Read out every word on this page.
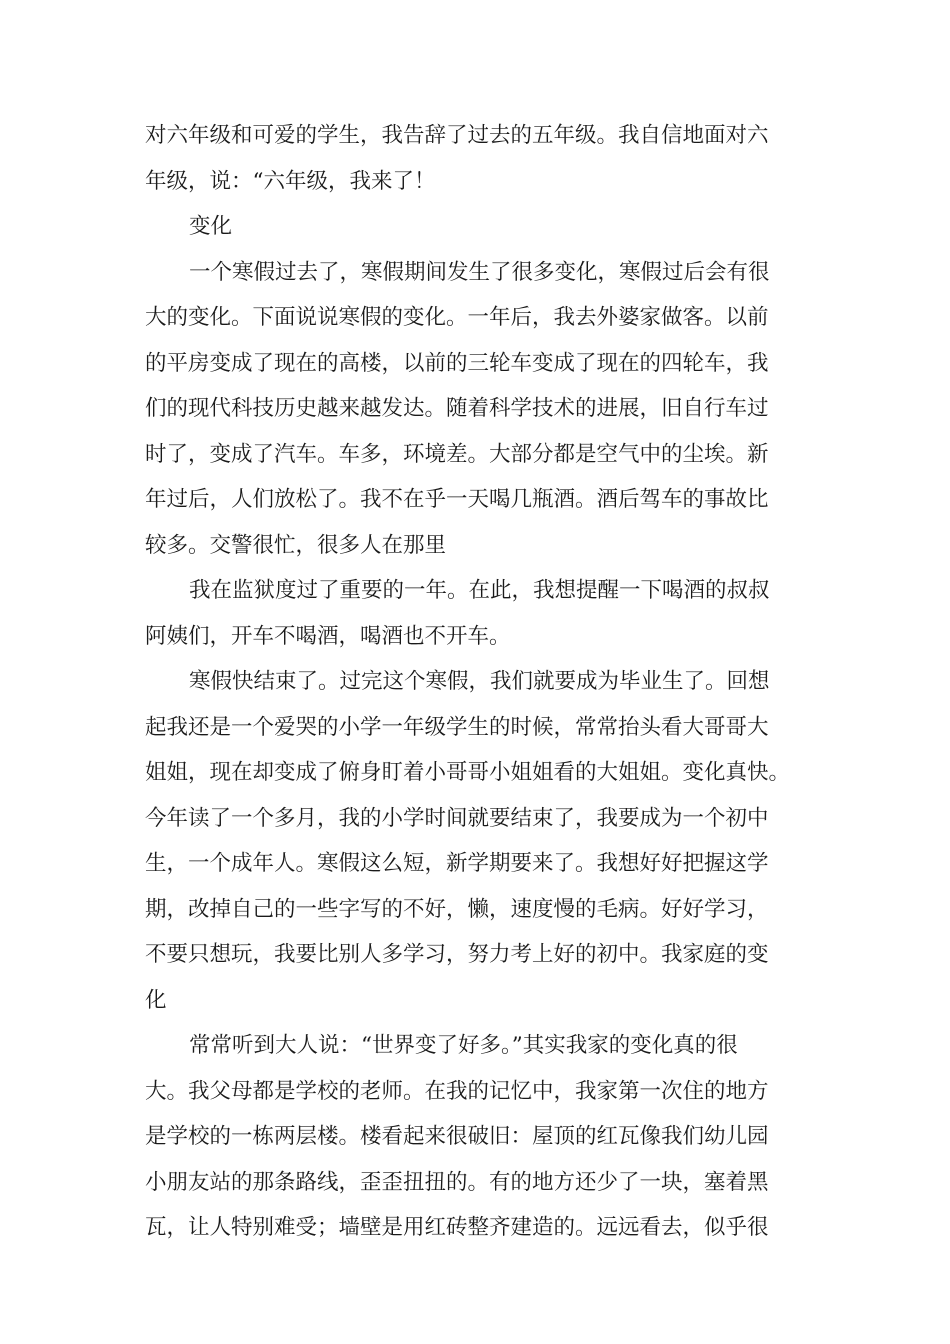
对六年级和可爱的学生，我告辞了过去的五年级。我自信地面对六
年级，说：“六年级，我来了！
变化
一个寒假过去了，寒假期间发生了很多变化，寒假过后会有很
大的变化。下面说说寒假的变化。一年后，我去外婆家做客。以前
的平房变成了现在的高楼，以前的三轮车变成了现在的四轮车，我
们的现代科技历史越来越发达。随着科学技术的进展，旧自行车过
时了，变成了汽车。车多，环境差。大部分都是空气中的尘埃。新
年过后，人们放松了。我不在乎一天喝几瓶酒。酒后驾车的事故比
较多。交警很忙，很多人在那里
我在监狱度过了重要的一年。在此，我想提醒一下喝酒的叔叔
阿姨们，开车不喝酒，喝酒也不开车。
寒假快结束了。过完这个寒假，我们就要成为毕业生了。回想
起我还是一个爱哭的小学一年级学生的时候，常常抬头看大哥哥大
姐姐，现在却变成了俯身盯着小哥哥小姐姐看的大姐姐。变化真快。
今年读了一个多月，我的小学时间就要结束了，我要成为一个初中
生，一个成年人。寒假这么短，新学期要来了。我想好好把握这学
期，改掉自己的一些字写的不好，懒，速度慢的毛病。好好学习，
不要只想玩，我要比别人多学习，努力考上好的初中。我家庭的变
化
常常听到大人说：“世界变了好多。”其实我家的变化真的很
大。我父母都是学校的老师。在我的记忆中，我家第一次住的地方
是学校的一栋两层楼。楼看起来很破旧：屋顶的红瓦像我们幼儿园
小朋友站的那条路线，歪歪扭扭的。有的地方还少了一块，塞着黑
瓦，让人特别难受；墙壁是用红砖整齐建造的。远远看去，似乎很
